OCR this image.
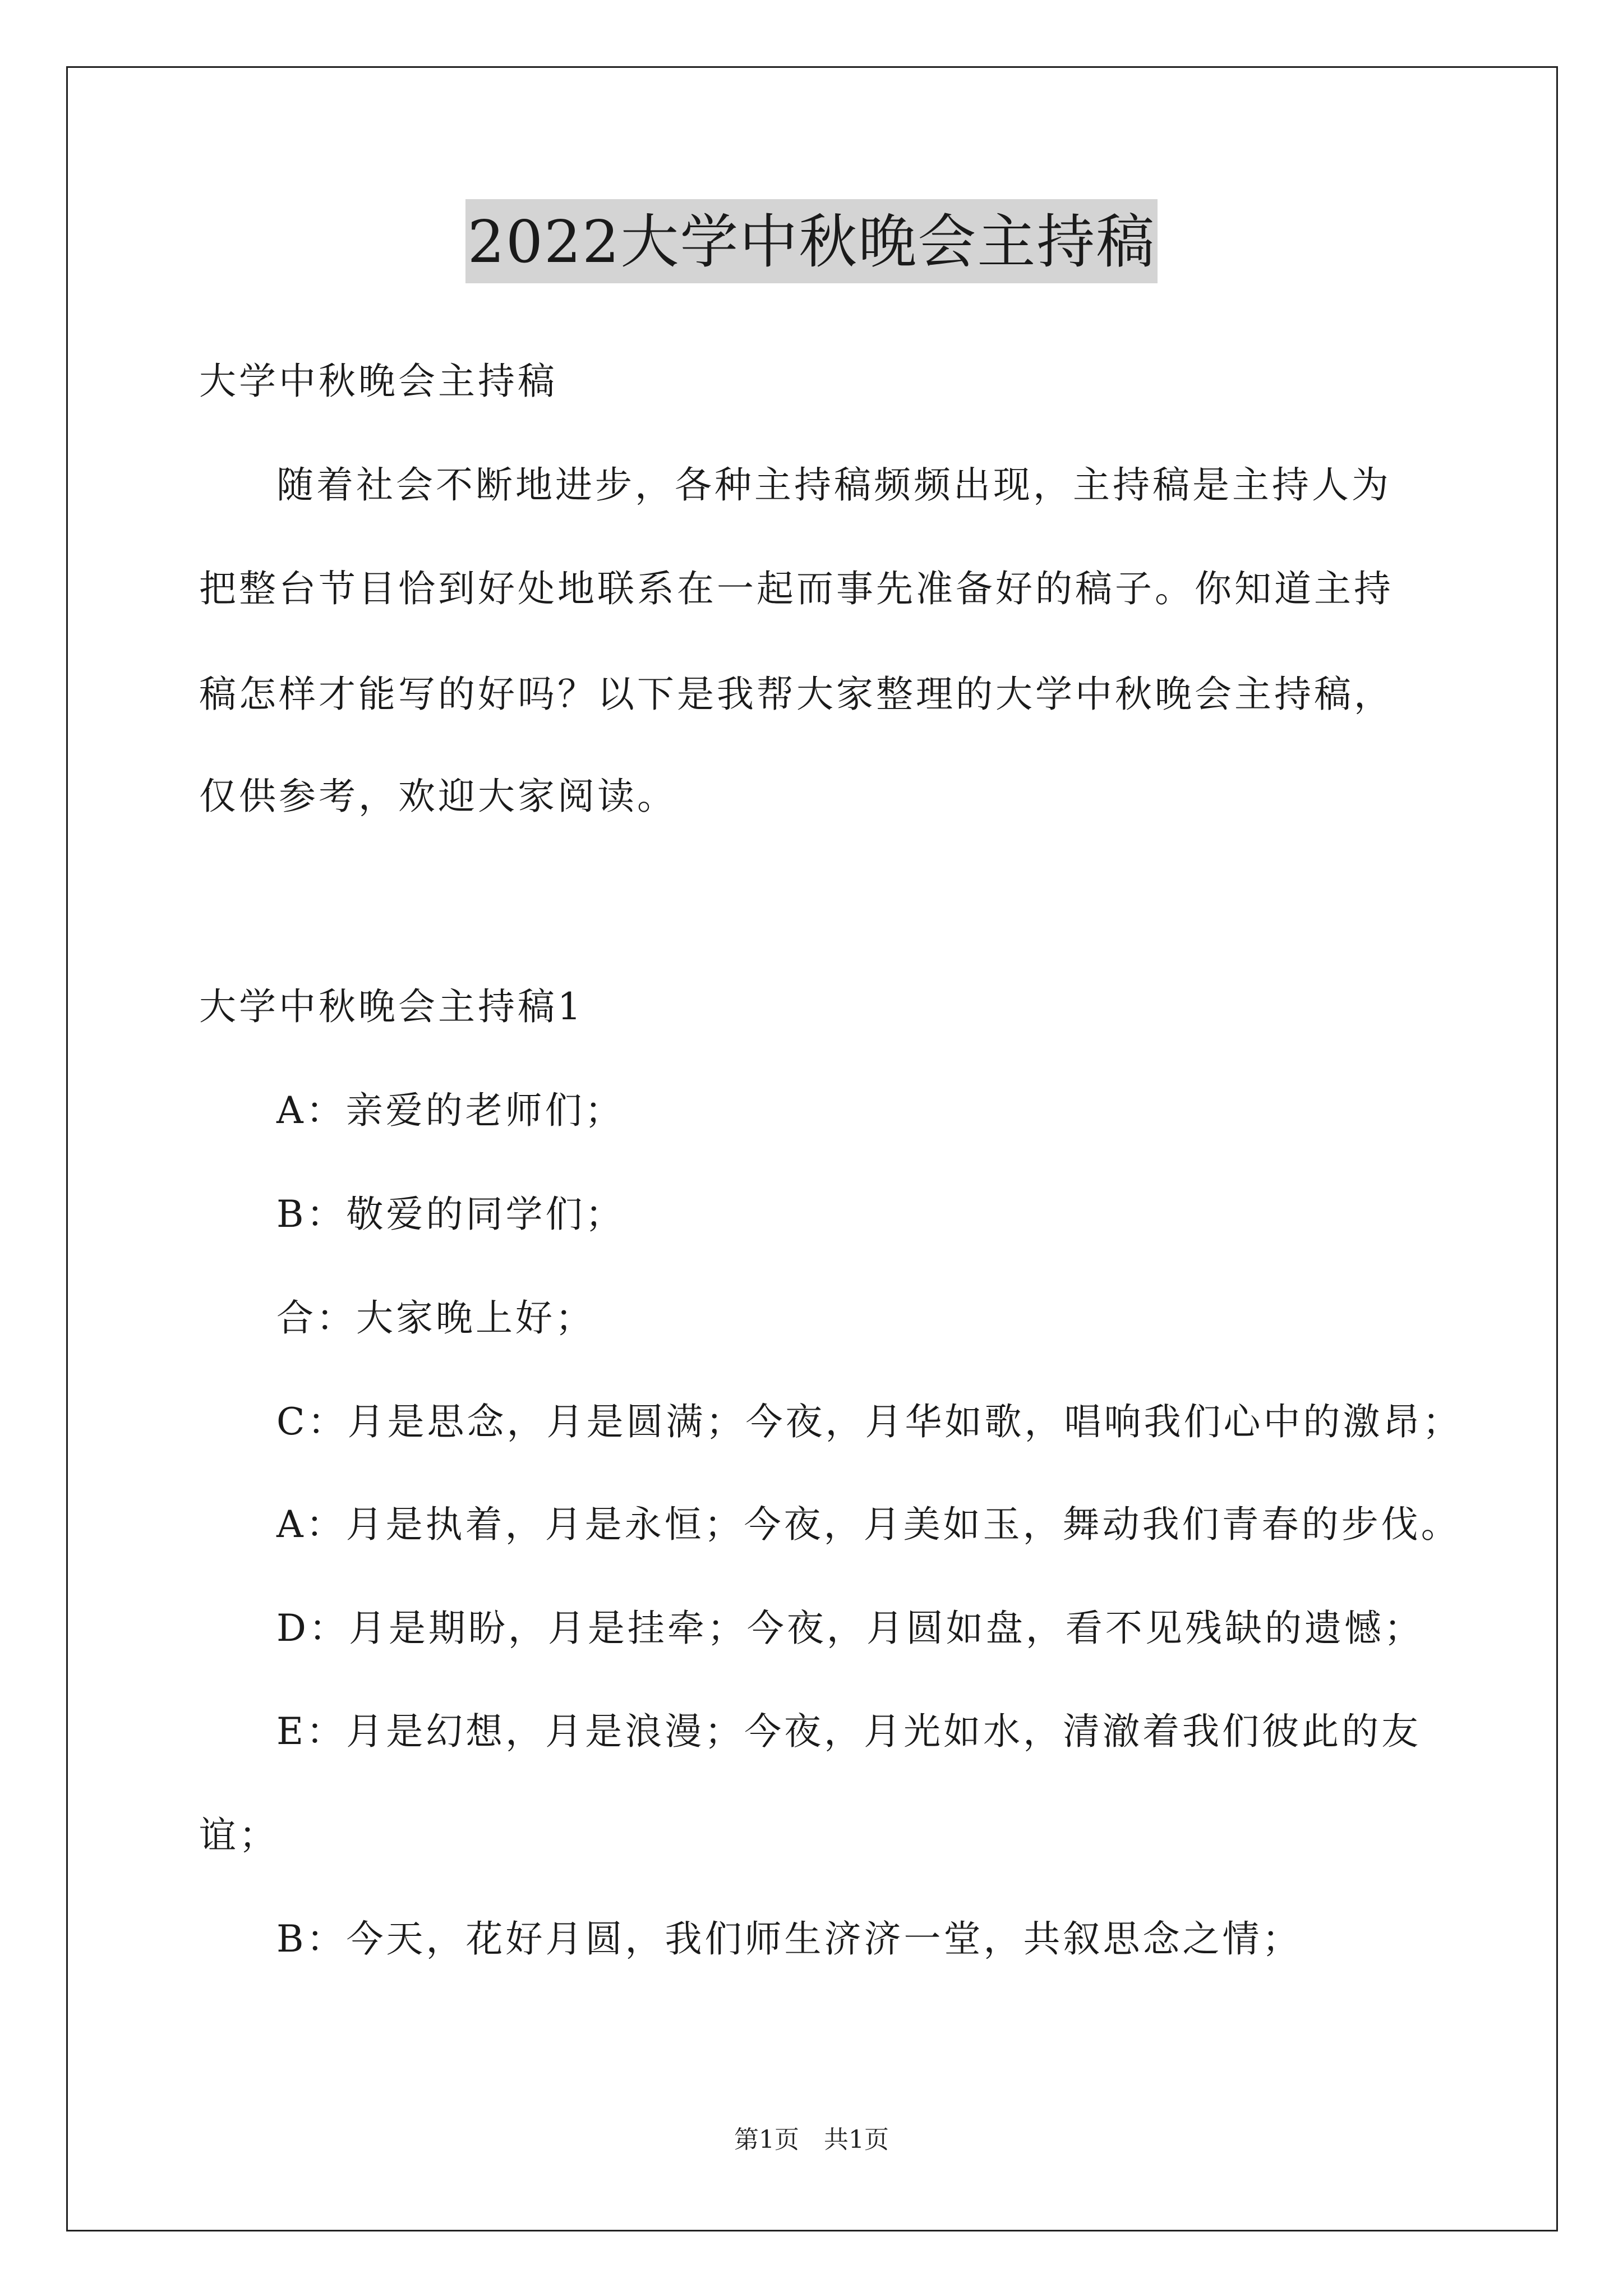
2022大学中秋晚会主持稿
大学中秋晚会主持稿
随着社会不断地进步，各种主持稿频频出现，主持稿是主持人为
把整台节目恰到好处地联系在一起而事先准备好的稿子。你知道主持
稿怎样才能写的好吗？以下是我帮大家整理的大学中秋晚会主持稿，
仅供参考，欢迎大家阅读。
大学中秋晚会主持稿1
A：亲爱的老师们；
B：敬爱的同学们；
合：大家晚上好；
C：月是思念，月是圆满；今夜，月华如歌，唱响我们心中的激昂；
A：月是执着，月是永恒；今夜，月美如玉，舞动我们青春的步伐。
D：月是期盼，月是挂牵；今夜，月圆如盘，看不见残缺的遗憾；
E：月是幻想，月是浪漫；今夜，月光如水，清澈着我们彼此的友
谊；
B：今天，花好月圆，我们师生济济一堂，共叙思念之情；
第1页　共1页
